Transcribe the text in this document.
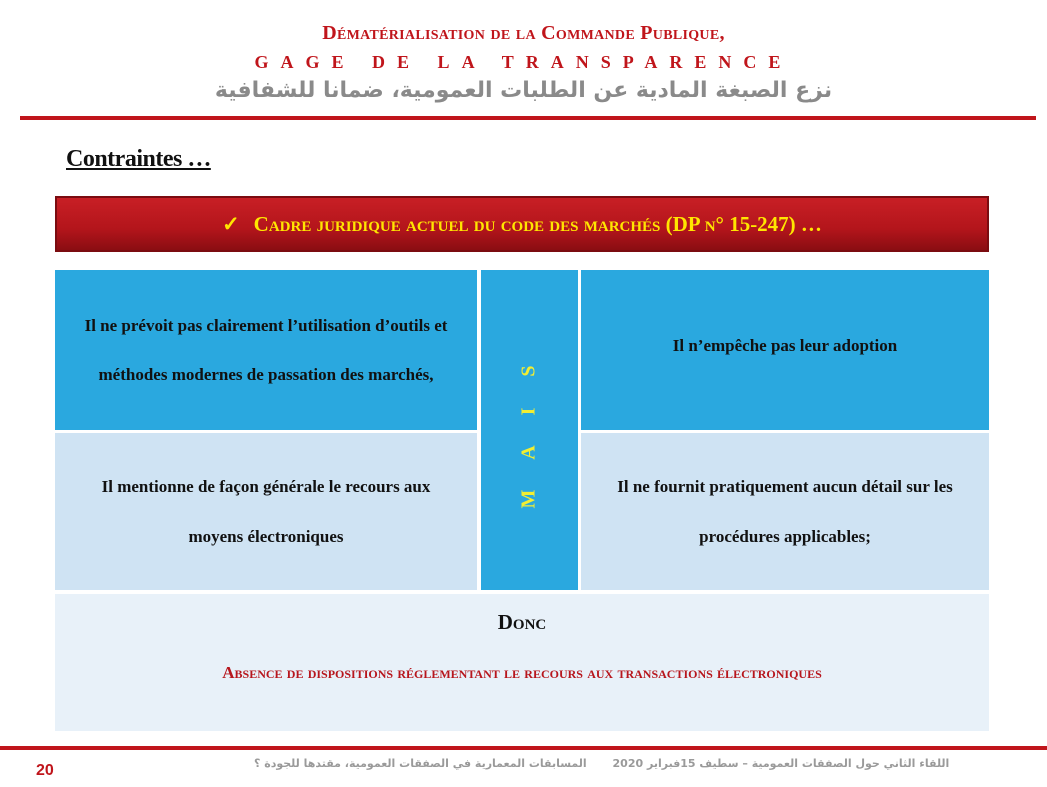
Dématérialisation de la Commande Publique,
GAGE DE LA TRANSPARENCE
نزع الصبغة المادية عن الطلبات العمومية، ضمانا للشفافية
Contraintes …
✓ Cadre juridique actuel du code des marchés (DP n° 15-247) …
Il ne prévoit pas clairement l’utilisation d’outils et méthodes modernes de passation des marchés,	M A I S
Il n’empêche pas leur adoption
Il mentionne de façon générale le recours aux moyens électroniques
Il ne fournit pratiquement aucun détail sur les procédures applicables;
Donc
Absence de dispositions réglementant le recours aux transactions électroniques
20	اللقاء الثاني حول الصفقات العمومية – سطيف 15فبراير 2020 المسابقات المعمارية في الصفقات العمومية، مقتدها للجودة ؟
